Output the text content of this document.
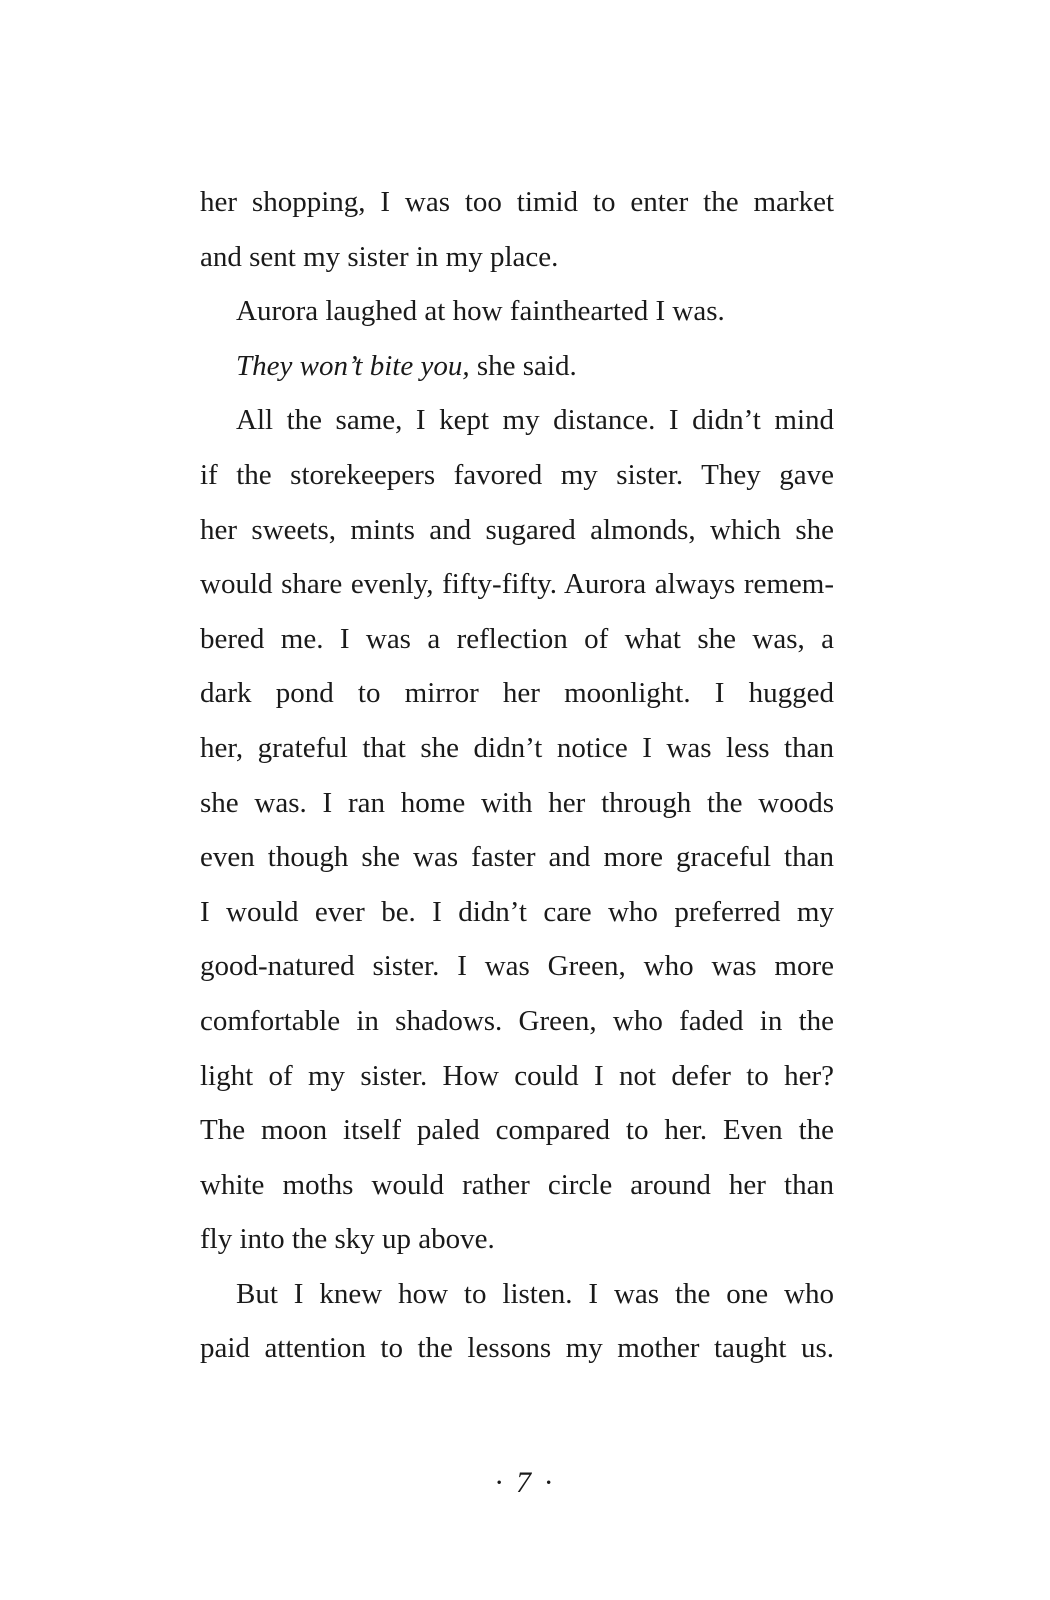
her shopping, I was too timid to enter the market
and sent my sister in my place.
Aurora laughed at how fainthearted I was.
They won’t bite you, she said.
All the same, I kept my distance. I didn’t mind
if the storekeepers favored my sister. They gave
her sweets, mints and sugared almonds, which she
would share evenly, fifty-fifty. Aurora always remem-
bered me. I was a reflection of what she was, a
dark pond to mirror her moonlight. I hugged
her, grateful that she didn’t notice I was less than
she was. I ran home with her through the woods
even though she was faster and more graceful than
I would ever be. I didn’t care who preferred my
good-natured sister. I was Green, who was more
comfortable in shadows. Green, who faded in the
light of my sister. How could I not defer to her?
The moon itself paled compared to her. Even the
white moths would rather circle around her than
fly into the sky up above.
But I knew how to listen. I was the one who
paid attention to the lessons my mother taught us.
· 7 ·
